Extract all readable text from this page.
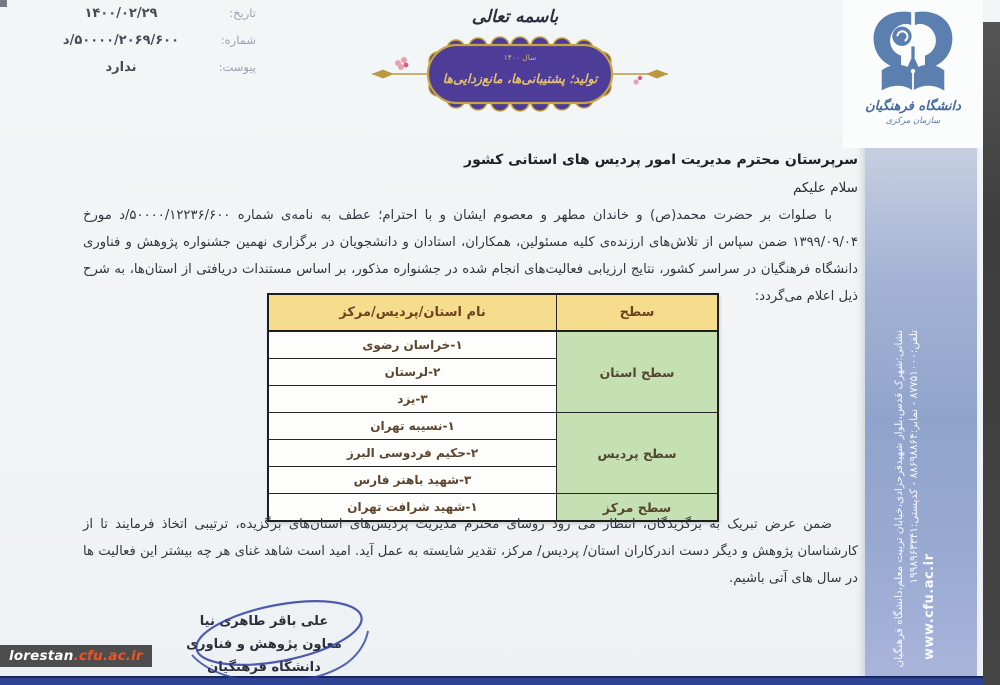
نشانی:شهرک قدس،بلوار شهیدفرحزادی،خیابان تربیت معلم،دانشگاه فرهنگیان تلفن:۸۷۷۵۱۰۰۰ - نمابر:۸۸۶۹۸۸۶۴ - کدپستی:۱۹۹۸۹۶۳۳۴۱
www.cfu.ac.ir
دانشگاه فرهنگیان
سازمان مرکزی
تاریخ:
۱۴۰۰/۰۲/۲۹
شماره:
۵۰۰۰۰/۲۰۶۹/۶۰۰/د
پیوست:
ندارد
باسمه تعالی
سال ۱۴۰۰
تولید؛ پشتیبانی‌ها، مانع‌زدایی‌ها
سرپرستان محترم مدیریت امور پردیس های استانی کشور
سلام علیکم

با صلوات بر حضرت محمد(ص) و خاندان مطهر و معصوم ایشان و با احترام؛ عطف به نامه‌ی شماره ۵۰۰۰۰/۱۲۲۳۶/۶۰۰/د مورخ ۱۳۹۹/۰۹/۰۴ ضمن سپاس از تلاش‌های ارزنده‌ی کلیه مسئولین، همکاران، استادان و دانشجویان در برگزاری نهمین جشنواره پژوهش و فناوری دانشگاه فرهنگیان در سراسر کشور، نتایج ارزیابی فعالیت‌های انجام شده در جشنواره مذکور، بر اساس مستندات دریافتی از استان‌ها، به شرح ذیل اعلام می‌گردد:

سطح	نام استان/پردیس/مرکز
سطح استان	۱-خراسان رضوی
	۲-لرستان
	۳-یزد
سطح پردیس	۱-نسیبه تهران
	۲-حکیم فردوسی البرز
	۳-شهید باهنر فارس
سطح مرکز	۱-شهید شرافت تهران

ضمن عرض تبریک به برگزیدگان، انتظار می رود روسای محترم مدیریت پردیس‌های استان‌های برگزیده، ترتیبی اتخاذ فرمایند تا از کارشناسان پژوهش و دیگر دست اندرکاران استان/ پردیس/ مرکز، تقدیر شایسته به عمل آید. امید است شاهد غنای هر چه بیشتر این فعالیت ها در سال های آتی باشیم.

علی باقر طاهری نیا
معاون پژوهش و فناوری
دانشگاه فرهنگیان
lorestan .cfu.ac.ir
